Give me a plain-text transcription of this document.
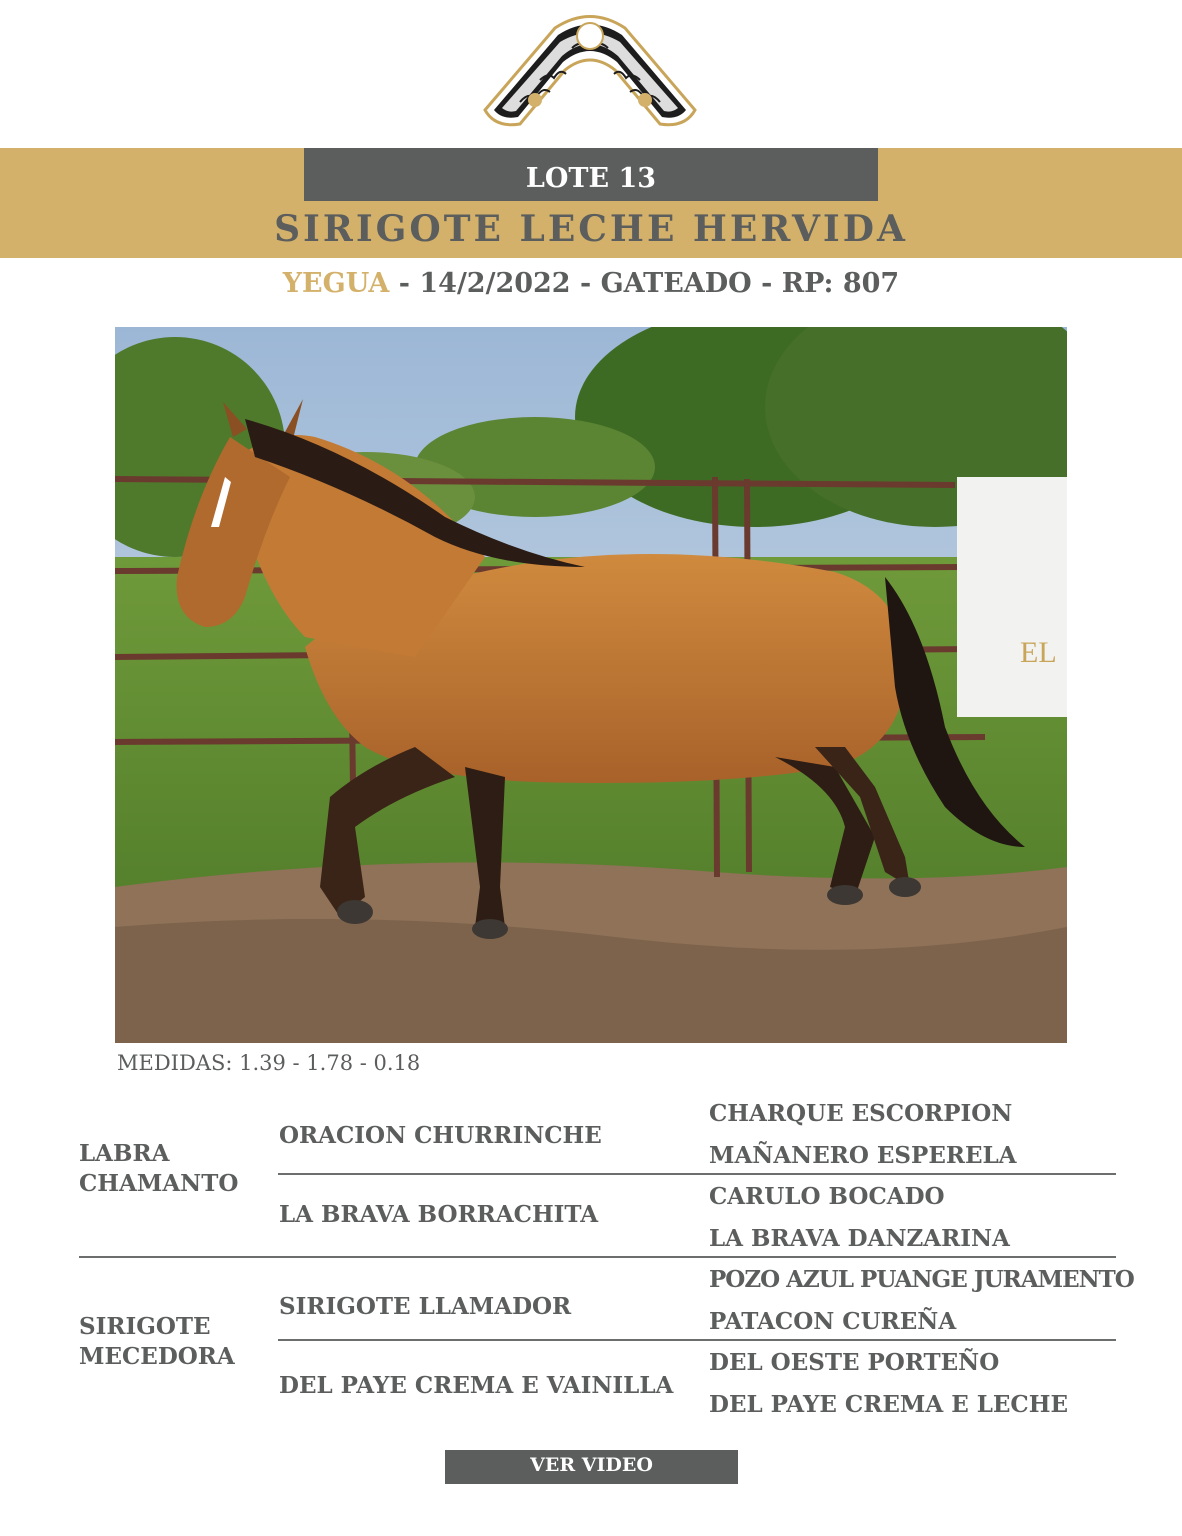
LOTE 13
SIRIGOTE LECHE HERVIDA
YEGUA - 14/2/2022 - GATEADO - RP: 807
EL
MEDIDAS: 1.39 - 1.78 - 0.18
LABRA
CHAMANTO
SIRIGOTE
MECEDORA
ORACION CHURRINCHE
LA BRAVA BORRACHITA
SIRIGOTE LLAMADOR
DEL PAYE CREMA E VAINILLA
CHARQUE ESCORPION
MAÑANERO ESPERELA
CARULO BOCADO
LA BRAVA DANZARINA
POZO AZUL PUANGE JURAMENTO
PATACON CUREÑA
DEL OESTE PORTEÑO
DEL PAYE CREMA E LECHE
VER VIDEO
